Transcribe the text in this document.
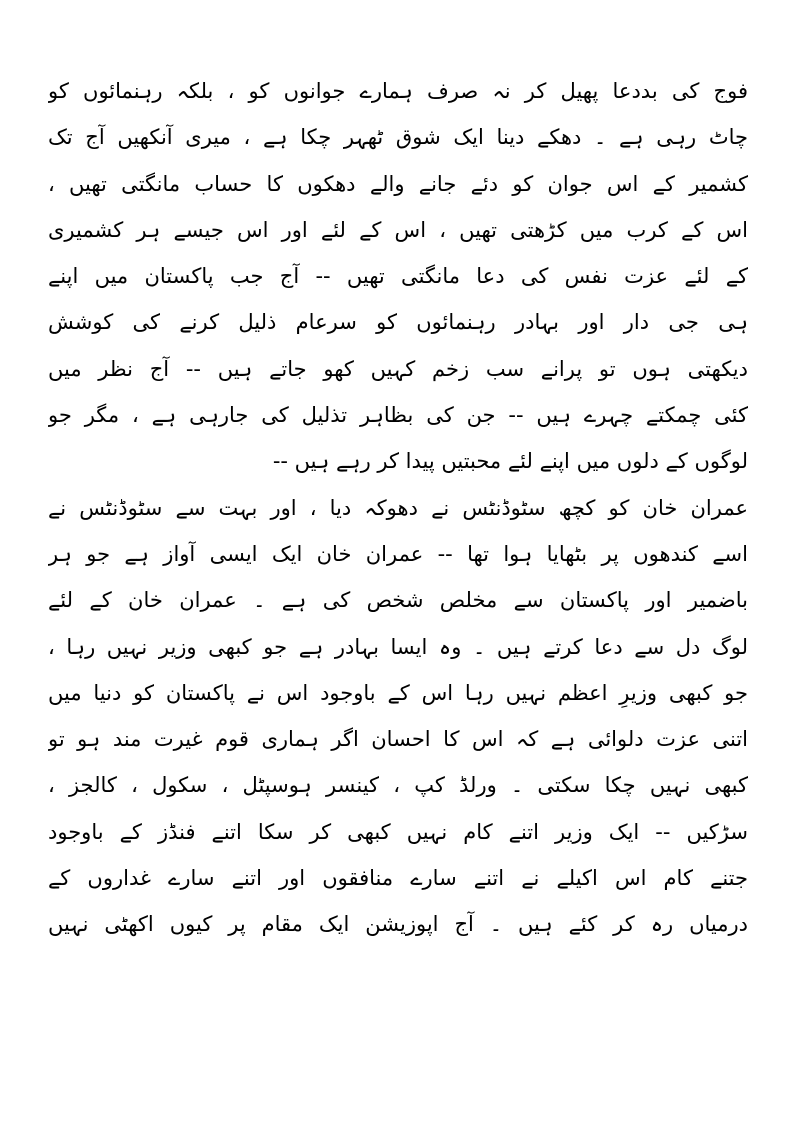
فوج کی بددعا پھیل کر نہ صرف ہمارے جوانوں کو ، بلکہ رہنمائوں کو
چاٹ رہی ہے ۔ دھکے دینا ایک شوق ٹھہر چکا ہے ، میری آنکھیں آج تک
کشمیر کے اس جوان کو دئے جانے والے دھکوں کا حساب مانگتی تھیں ،
اس کے کرب میں کڑھتی تھیں ، اس کے لئے اور اس جیسے ہر کشمیری
کے لئے عزت نفس کی دعا مانگتی تھیں -- آج جب پاکستان میں اپنے
ہی جی دار اور بہادر رہنمائوں کو سرعام ذلیل کرنے کی کوشش
دیکھتی ہوں تو پرانے سب زخم کہیں کھو جاتے ہیں -- آج نظر میں
کئی چمکتے چہرے ہیں -- جن کی بظاہر تذلیل کی جارہی ہے ، مگر جو
لوگوں کے دلوں میں اپنے لئے محبتیں پیدا کر رہے ہیں --
عمران خان کو کچھ سٹوڈنٹس نے دھوکہ دیا ، اور بہت سے سٹوڈنٹس نے
اسے کندھوں پر بٹھایا ہوا تھا -- عمران خان ایک ایسی آواز ہے جو ہر
باضمیر اور پاکستان سے مخلص شخص کی ہے ۔ عمران خان کے لئے
لوگ دل سے دعا کرتے ہیں ۔ وہ ایسا بہادر ہے جو کبھی وزیر نہیں رہا ،
جو کبھی وزیرِ اعظم نہیں رہا اس کے باوجود اس نے پاکستان کو دنیا میں
اتنی عزت دلوائی ہے کہ اس کا احسان اگر ہماری قوم غیرت مند ہو تو
کبھی نہیں چکا سکتی ۔ ورلڈ کپ ، کینسر ہوسپٹل ، سکول ، کالجز ،
سڑکیں -- ایک وزیر اتنے کام نہیں کبھی کر سکا اتنے فنڈز کے باوجود
جتنے کام اس اکیلے نے اتنے سارے منافقوں اور اتنے سارے غداروں کے
درمیاں رہ کر کئے ہیں ۔ آج اپوزیشن ایک مقام پر کیوں اکھٹی نہیں
